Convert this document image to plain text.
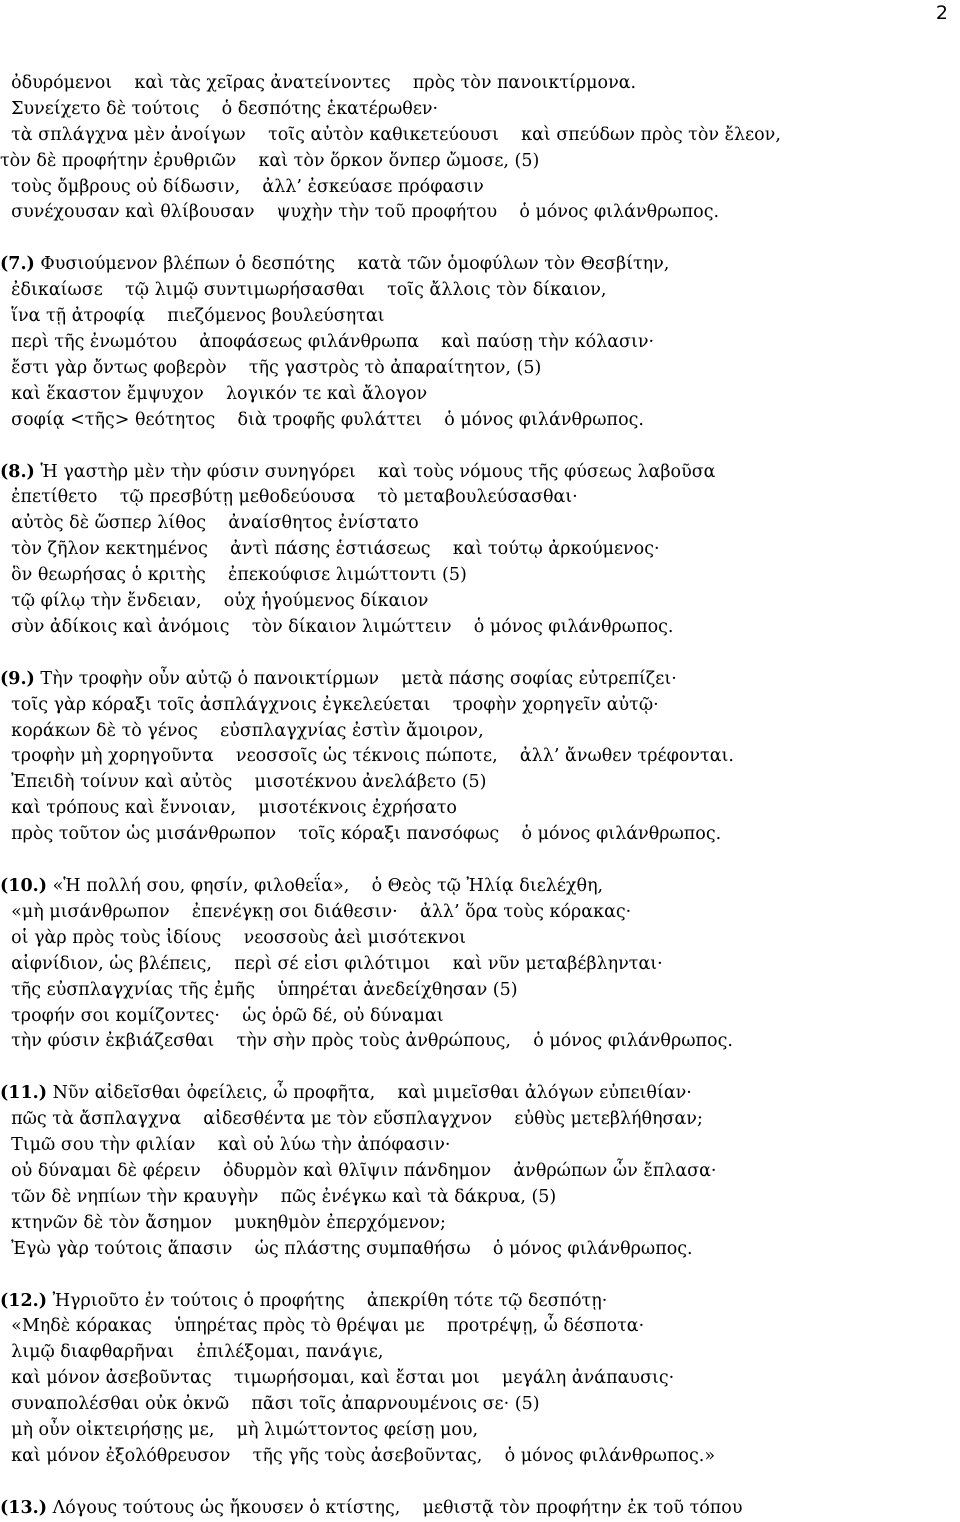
2
ὀδυρόμενοι    καὶ τὰς χεῖρας ἀνατείνοντες    πρὸς τὸν πανοικτίρμονα.
Συνείχετο δὲ τούτοις    ὁ δεσπότης ἑκατέρωθεν·
τὰ σπλάγχνα μὲν ἀνοίγων    τοῖς αὐτὸν καθικετεύουσι    καὶ σπεύδων πρὸς τὸν ἔλεον,
τὸν δὲ προφήτην ἐρυθριῶν    καὶ τὸν ὅρκον ὅνπερ ὤμοσε, (5)
τοὺς ὄμβρους οὐ δίδωσιν,    ἀλλ’ ἐσκεύασε πρόφασιν
συνέχουσαν καὶ θλίβουσαν    ψυχὴν τὴν τοῦ προφήτου    ὁ μόνος φιλάνθρωπος.
(7.) Φυσιούμενον βλέπων ὁ δεσπότης    κατὰ τῶν ὁμοφύλων τὸν Θεσβίτην,
ἐδικαίωσε    τῷ λιμῷ συντιμωρήσασθαι    τοῖς ἄλλοις τὸν δίκαιον,
ἵνα τῇ ἀτροφίᾳ    πιεζόμενος βουλεύσηται
περὶ τῆς ἐνωμότου    ἀποφάσεως φιλάνθρωπα    καὶ παύσῃ τὴν κόλασιν·
ἔστι γὰρ ὄντως φοβερὸν    τῆς γαστρὸς τὸ ἀπαραίτητον, (5)
καὶ ἕκαστον ἔμψυχον    λογικόν τε καὶ ἄλογον
σοφίᾳ <τῆς> θεότητος    διὰ τροφῆς φυλάττει    ὁ μόνος φιλάνθρωπος.
(8.) Ἡ γαστὴρ μὲν τὴν φύσιν συνηγόρει    καὶ τοὺς νόμους τῆς φύσεως λαβοῦσα
ἐπετίθετο    τῷ πρεσβύτῃ μεθοδεύουσα    τὸ μεταβουλεύσασθαι·
αὐτὸς δὲ ὥσπερ λίθος    ἀναίσθητος ἐνίστατο
τὸν ζῆλον κεκτημένος    ἀντὶ πάσης ἑστιάσεως    καὶ τούτῳ ἀρκούμενος·
ὃν θεωρήσας ὁ κριτὴς    ἐπεκούφισε λιμώττοντι (5)
τῷ φίλῳ τὴν ἔνδειαν,    οὐχ ἡγούμενος δίκαιον
σὺν ἀδίκοις καὶ ἀνόμοις    τὸν δίκαιον λιμώττειν    ὁ μόνος φιλάνθρωπος.
(9.) Τὴν τροφὴν οὖν αὐτῷ ὁ πανοικτίρμων    μετὰ πάσης σοφίας εὐτρεπίζει·
τοῖς γὰρ κόραξι τοῖς ἀσπλάγχνοις ἐγκελεύεται    τροφὴν χορηγεῖν αὐτῷ·
κοράκων δὲ τὸ γένος    εὐσπλαγχνίας ἐστὶν ἄμοιρον,
τροφὴν μὴ χορηγοῦντα    νεοσσοῖς ὡς τέκνοις πώποτε,    ἀλλ’ ἄνωθεν τρέφονται.
Ἐπειδὴ τοίνυν καὶ αὐτὸς    μισοτέκνου ἀνελάβετο (5)
καὶ τρόπους καὶ ἔννοιαν,    μισοτέκνοις ἐχρήσατο
πρὸς τοῦτον ὡς μισάνθρωπον    τοῖς κόραξι πανσόφως    ὁ μόνος φιλάνθρωπος.
(10.) «Ἡ πολλή σου, φησίν, φιλοθεΐα»,    ὁ Θεὸς τῷ Ἠλίᾳ διελέχθη,
«μὴ μισάνθρωπον    ἐπενέγκῃ σοι διάθεσιν·    ἀλλ’ ὅρα τοὺς κόρακας·
οἱ γὰρ πρὸς τοὺς ἰδίους    νεοσσοὺς ἀεὶ μισότεκνοι
αἰφνίδιον, ὡς βλέπεις,    περὶ σέ εἰσι φιλότιμοι    καὶ νῦν μεταβέβληνται·
τῆς εὐσπλαγχνίας τῆς ἐμῆς    ὑπηρέται ἀνεδείχθησαν (5)
τροφήν σοι κομίζοντες·    ὡς ὁρῶ δέ, οὐ δύναμαι
τὴν φύσιν ἐκβιάζεσθαι    τὴν σὴν πρὸς τοὺς ἀνθρώπους,    ὁ μόνος φιλάνθρωπος.
(11.) Νῦν αἰδεῖσθαι ὀφείλεις, ὦ προφῆτα,    καὶ μιμεῖσθαι ἀλόγων εὐπειθίαν·
πῶς τὰ ἄσπλαγχνα    αἰδεσθέντα με τὸν εὔσπλαγχνον    εὐθὺς μετεβλήθησαν;
Τιμῶ σου τὴν φιλίαν    καὶ οὐ λύω τὴν ἀπόφασιν·
οὐ δύναμαι δὲ φέρειν    ὀδυρμὸν καὶ θλῖψιν πάνδημον    ἀνθρώπων ὧν ἔπλασα·
τῶν δὲ νηπίων τὴν κραυγὴν    πῶς ἐνέγκω καὶ τὰ δάκρυα, (5)
κτηνῶν δὲ τὸν ἄσημον    μυκηθμὸν ἐπερχόμενον;
Ἐγὼ γὰρ τούτοις ἅπασιν    ὡς πλάστης συμπαθήσω    ὁ μόνος φιλάνθρωπος.
(12.) Ἠγριοῦτο ἐν τούτοις ὁ προφήτης    ἀπεκρίθη τότε τῷ δεσπότῃ·
«Μηδὲ κόρακας    ὑπηρέτας πρὸς τὸ θρέψαι με    προτρέψῃ, ὦ δέσποτα·
λιμῷ διαφθαρῆναι    ἐπιλέξομαι, πανάγιε,
καὶ μόνον ἀσεβοῦντας    τιμωρήσομαι, καὶ ἔσται μοι    μεγάλη ἀνάπαυσις·
συναπολέσθαι οὐκ ὀκνῶ    πᾶσι τοῖς ἀπαρνουμένοις σε· (5)
μὴ οὖν οἰκτειρήσῃς με,    μὴ λιμώττοντος φείσῃ μου,
καὶ μόνον ἐξολόθρευσον    τῆς γῆς τοὺς ἀσεβοῦντας,    ὁ μόνος φιλάνθρωπος.»
(13.) Λόγους τούτους ὡς ἤκουσεν ὁ κτίστης,    μεθιστᾷ τὸν προφήτην ἐκ τοῦ τόπου
